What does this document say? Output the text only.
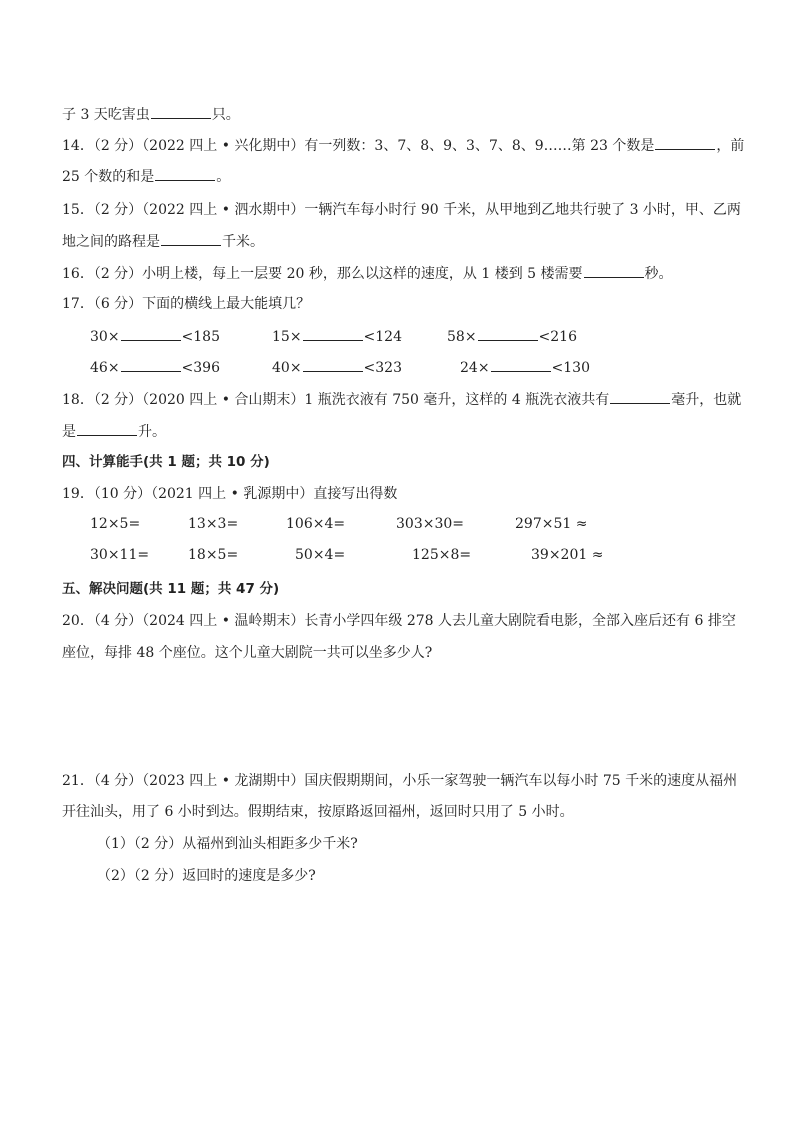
子 3 天吃害虫	只。
14．（2 分）（2022 四上 • 兴化期中）有一列数：3、7、8、9、3、7、8、9……第 23 个数是	，前
25 个数的和是	。
15．（2 分）（2022 四上 • 泗水期中）一辆汽车每小时行 90 千米，从甲地到乙地共行驶了 3 小时，甲、乙两
地之间的路程是	千米。
16．（2 分）小明上楼，每上一层要 20 秒，那么以这样的速度，从 1 楼到 5 楼需要	秒。
17．（6 分）下面的横线上最大能填几？
30×	<185	15×	<124	58×	<216
46×	<396	40×	<323	24×	<130
18．（2 分）（2020 四上 • 合山期末）1 瓶洗衣液有 750 毫升，这样的 4 瓶洗衣液共有	毫升，也就
是	升。
四、计算能手(共 1 题；共 10 分)
19．（10 分）（2021 四上 • 乳源期中）直接写出得数
12×5=	13×3=	106×4=	303×30=	297×51 ≈
30×11=	18×5=	50×4=	125×8=	39×201 ≈
五、解决问题(共 11 题；共 47 分)
20．（4 分）（2024 四上 • 温岭期末）长青小学四年级 278 人去儿童大剧院看电影，全部入座后还有 6 排空
座位，每排 48 个座位。这个儿童大剧院一共可以坐多少人?
21．（4 分）（2023 四上 • 龙湖期中）国庆假期期间，小乐一家驾驶一辆汽车以每小时 75 千米的速度从福州
开往汕头，用了 6 小时到达。假期结束，按原路返回福州，返回时只用了 5 小时。
（1）（2 分）从福州到汕头相距多少千米?
（2）（2 分）返回时的速度是多少?
